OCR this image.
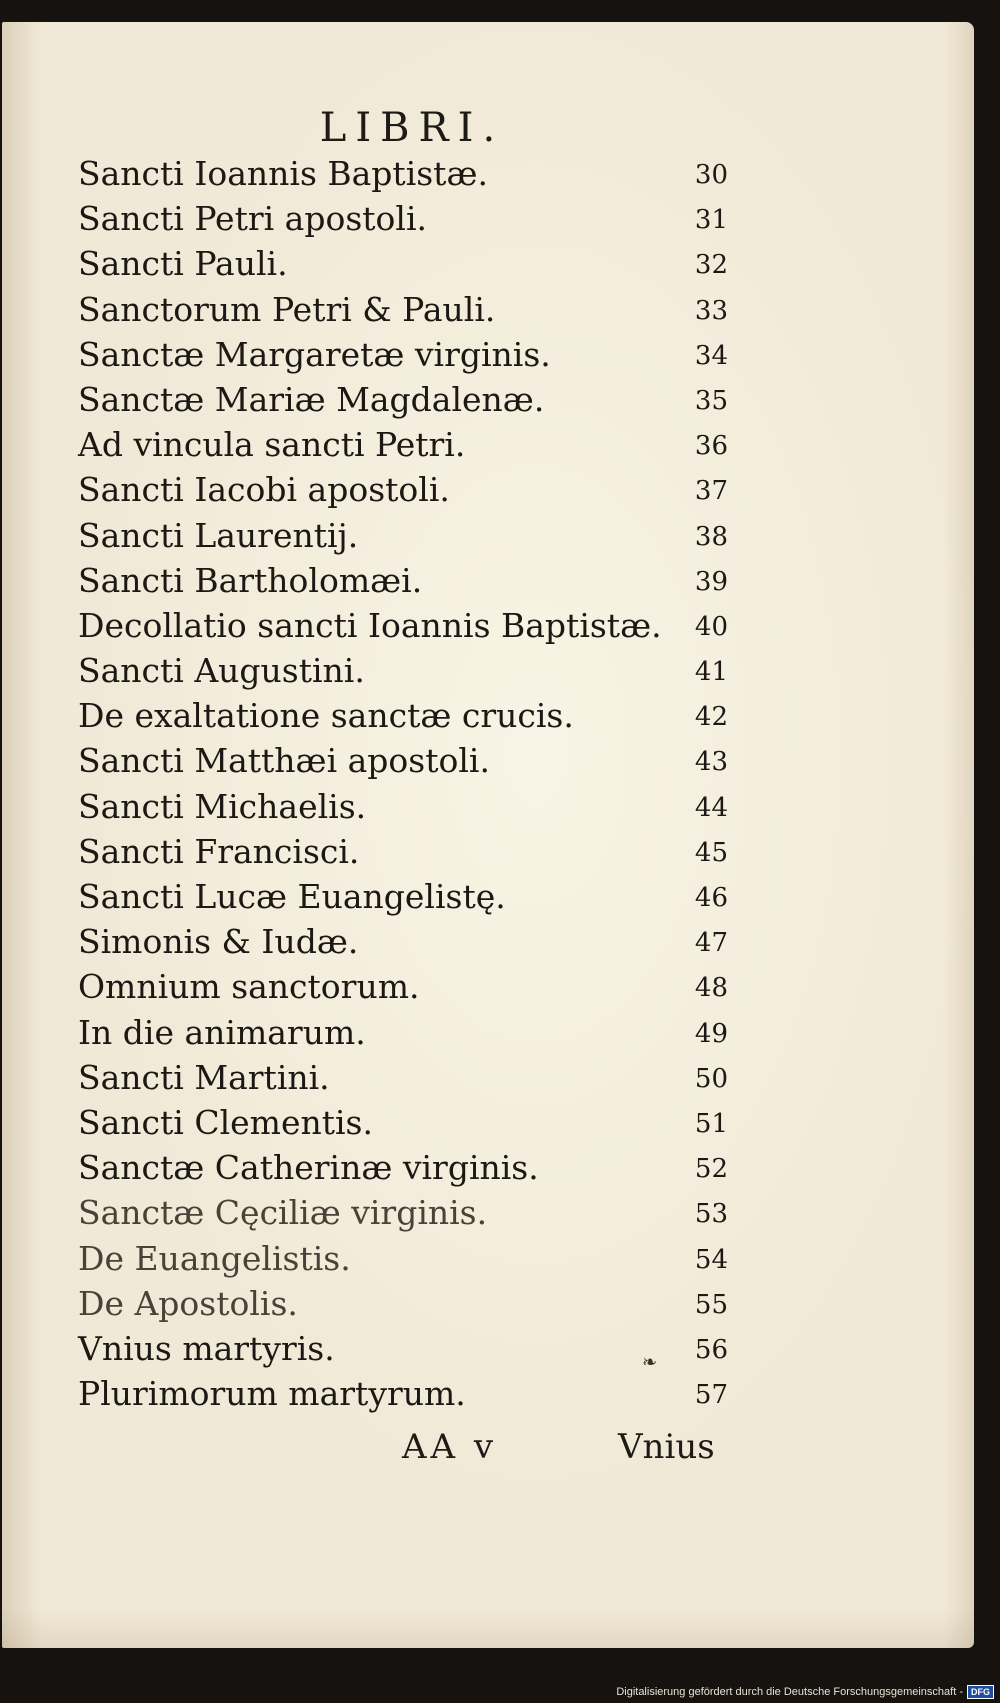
LIBRI.
Sancti Ioannis Baptistæ.	30
Sancti Petri apostoli.	31
Sancti Pauli.	32
Sanctorum Petri & Pauli.	33
Sanctæ Margaretæ virginis.	34
Sanctæ Mariæ Magdalenæ.	35
Ad vincula sancti Petri.	36
Sancti Iacobi apostoli.	37
Sancti Laurentij.	38
Sancti Bartholomæi.	39
Decollatio sancti Ioannis Baptistæ.	40
Sancti Augustini.	41
De exaltatione sanctæ crucis.	42
Sancti Matthæi apostoli.	43
Sancti Michaelis.	44
Sancti Francisci.	45
Sancti Lucæ Euangelistę.	46
Simonis & Iudæ.	47
Omnium sanctorum.	48
In die animarum.	49
Sancti Martini.	50
Sancti Clementis.	51
Sanctæ Catherinæ virginis.	52
Sanctæ Cęciliæ virginis.	53
De Euangelistis.	54
De Apostolis.	55
Vnius martyris.	56
Plurimorum martyrum.	57
❧
AA v	Vnius
Digitalisierung gefördert durch die Deutsche Forschungsgemeinschaft - DFG
